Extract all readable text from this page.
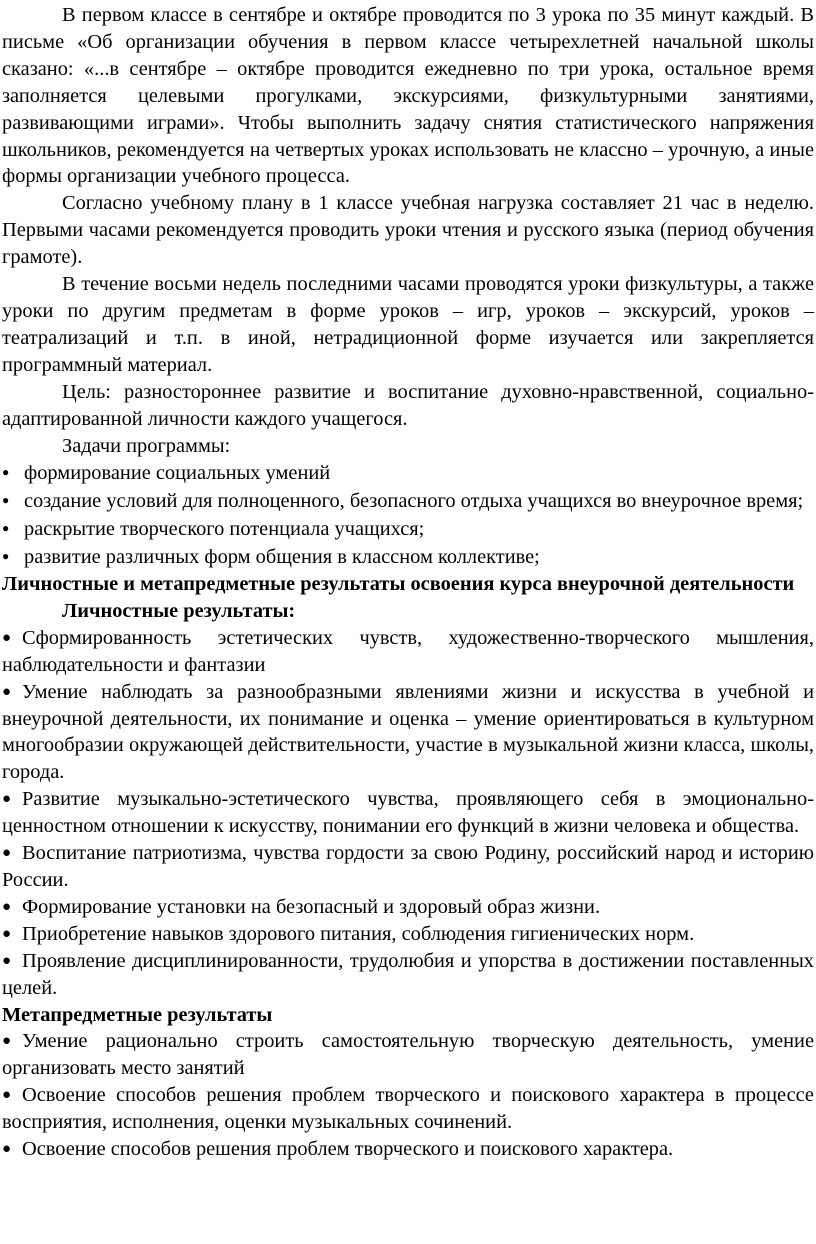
В первом классе в сентябре и октябре проводится по 3 урока по 35 минут каждый. В письме «Об организации обучения в первом классе четырехлетней начальной школы сказано: «...в сентябре – октябре проводится ежедневно по три урока, остальное время заполняется целевыми прогулками, экскурсиями, физкультурными занятиями, развивающими играми». Чтобы выполнить задачу снятия статистического напряжения школьников, рекомендуется на четвертых уроках использовать не классно – урочную, а иные формы организации учебного процесса.

Согласно учебному плану в 1 классе учебная нагрузка составляет 21 час в неделю. Первыми часами рекомендуется проводить уроки чтения и русского языка (период обучения грамоте).

В течение восьми недель последними часами проводятся уроки физкультуры, а также уроки по другим предметам в форме уроков – игр, уроков – экскурсий, уроков – театрализаций и т.п. в иной, нетрадиционной форме изучается или закрепляется программный материал.

Цель: разностороннее развитие и воспитание духовно-нравственной, социально-адаптированной личности каждого учащегося.

Задачи программы:

● формирование социальных умений
● создание условий для полноценного, безопасного отдыха учащихся во внеурочное время;
● раскрытие творческого потенциала учащихся;
● развитие различных форм общения в классном коллективе;

Личностные и метапредметные результаты освоения курса внеурочной деятельности

Личностные результаты:

● Сформированность эстетических чувств, художественно-творческого мышления, наблюдательности и фантазии
● Умение наблюдать за разнообразными явлениями жизни и искусства в учебной и внеурочной деятельности, их понимание и оценка – умение ориентироваться в культурном многообразии окружающей действительности, участие в музыкальной жизни класса, школы, города.
● Развитие музыкально-эстетического чувства, проявляющего себя в эмоционально-ценностном отношении к искусству, понимании его функций в жизни человека и общества.
● Воспитание патриотизма, чувства гордости за свою Родину, российский народ и историю России.
● Формирование установки на безопасный и здоровый образ жизни.
● Приобретение навыков здорового питания, соблюдения гигиенических норм.
● Проявление дисциплинированности, трудолюбия и упорства в достижении поставленных целей.

Метапредметные результаты

● Умение рационально строить самостоятельную творческую деятельность, умение организовать место занятий
● Освоение способов решения проблем творческого и поискового характера в процессе восприятия, исполнения, оценки музыкальных сочинений.
● Освоение способов решения проблем творческого и поискового характера.
